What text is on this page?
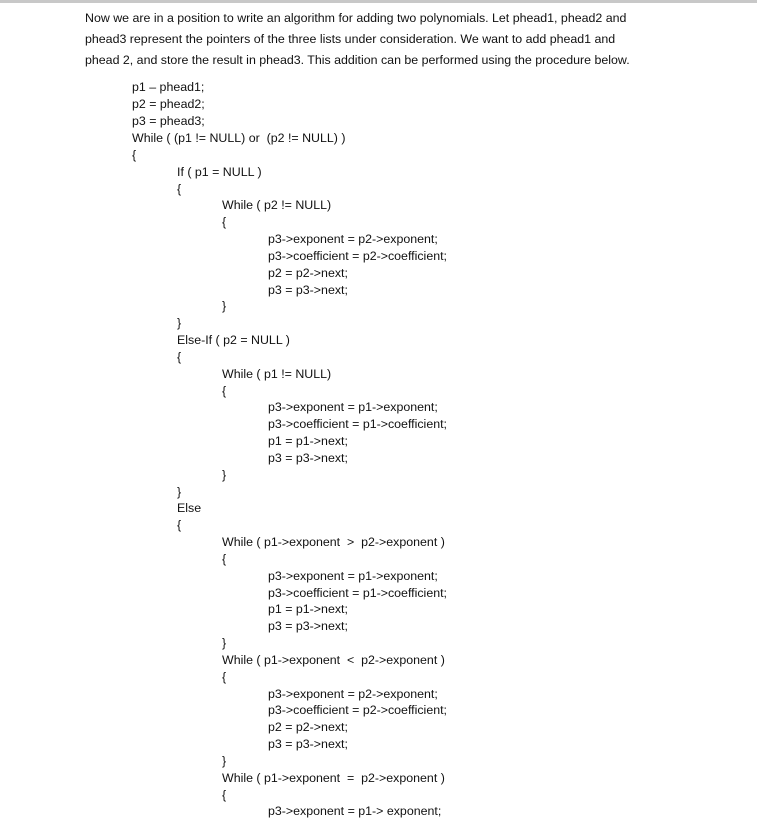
Now we are in a position to write an algorithm for adding two polynomials. Let phead1, phead2 and
phead3 represent the pointers of the three lists under consideration. We want to add phead1 and
phead 2, and store the result in phead3. This addition can be performed using the procedure below.
p1 – phead1;
p2 = phead2;
p3 = phead3;
While ( (p1 != NULL) or  (p2 != NULL) )
{
If ( p1 = NULL )
{
While ( p2 != NULL)
{
p3->exponent = p2->exponent;
p3->coefficient = p2->coefficient;
p2 = p2->next;
p3 = p3->next;
}
}
Else-If ( p2 = NULL )
{
While ( p1 != NULL)
{
p3->exponent = p1->exponent;
p3->coefficient = p1->coefficient;
p1 = p1->next;
p3 = p3->next;
}
}
Else
{
While ( p1->exponent  >  p2->exponent )
{
p3->exponent = p1->exponent;
p3->coefficient = p1->coefficient;
p1 = p1->next;
p3 = p3->next;
}
While ( p1->exponent  <  p2->exponent )
{
p3->exponent = p2->exponent;
p3->coefficient = p2->coefficient;
p2 = p2->next;
p3 = p3->next;
}
While ( p1->exponent  =  p2->exponent )
{
p3->exponent = p1-> exponent;
